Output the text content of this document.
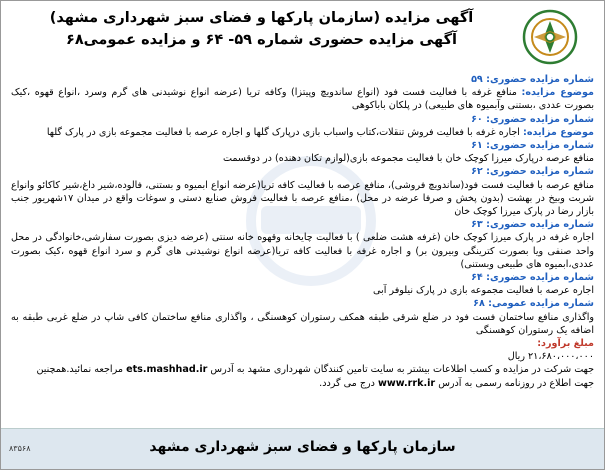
آگهی مزایده (سازمان پارکها و فضای سبز شهرداری مشهد)
آگهی مزایده حضوری شماره ۵۹- ۶۴ و مزایده عمومی۶۸

شماره مزایده حضوری: ۵۹

موضوع مزایده: منافع غرفه با فعالیت فست فود (انواع ساندویچ وپیتزا) وکافه تریا (عرضه انواع نوشیدنی های گرم وسرد ،انواع قهوه ،کیک بصورت عددی ،بستنی وآبمیوه های طبیعی) در پلکان باباکوهی

شماره مزایده حضوری: ۶۰

موضوع مزایده: اجاره غرفه با فعالیت فروش تنقلات،کتاب واسباب بازی درپارک گلها و اجاره عرصه با فعالیت مجموعه بازی در پارک گلها

شماره مزایده حضوری: ۶۱

منافع عرصه درپارک میرزا کوچک خان با فعالیت مجموعه بازی(لوازم تکان دهنده) در دوقسمت

شماره مزایده حضوری: ۶۲

منافع عرصه با فعالیت فست فود(ساندویچ فروشی)، منافع عرصه با فعالیت کافه تریا(عرضه انواع ابمیوه و بستنی، فالوده،شیر داغ،شیر کاکائو وانواع شربت وبیخ در بهشت (بدون پخش و صرفا عرضه در محل) ،منافع عرصه با فعالیت فروش صنایع دستی و سوغات واقع در میدان ۱۷شهریور جنب بازار رضا در پارک میرزا کوچک خان

شماره مزایده حضوری: ۶۳

اجاره غرفه در پارک میرزا کوچک خان (غرفه هشت ضلعی ) با فعالیت چایخانه وقهوه خانه سنتی (عرضه دیزی بصورت سفارشی،خانوادگی در محل واحد صنفی ویا بصورت کترینگی وبیرون بر) و اجاره غرفه با فعالیت کافه تریا(عرضه انواع نوشیدنی های گرم و سرد انواع قهوه ،کیک بصورت عددی،ابمیوه های طبیعی وبستنی)

شماره مزایده حضوری: ۶۴

اجاره عرصه با فعالیت مجموعه بازی در پارک نیلوفر آبی

شماره مزایده عمومی: ۶۸

واگذاری منافع ساختمان فست فود در ضلع شرقی طبقه همکف رستوران کوهسنگی ، واگذاری منافع ساختمان کافی شاپ در ضلع غربی طبقه به اضافه یک رستوران کوهسنگی

مبلغ برآورد:

۲۱،۶۸۰،۰۰۰،۰۰۰ ریال

جهت شرکت در مزایده و کسب اطلاعات بیشتر به سایت تامین کنندگان شهرداری مشهد به آدرس ets.mashhad.ir مراجعه نمائید.همچنین

جهت اطلاع در روزنامه رسمی به آدرس www.rrk.ir درج می گردد.

سازمان پارکها و فضای سبز شهرداری مشهد
۸۳۵۶۸
